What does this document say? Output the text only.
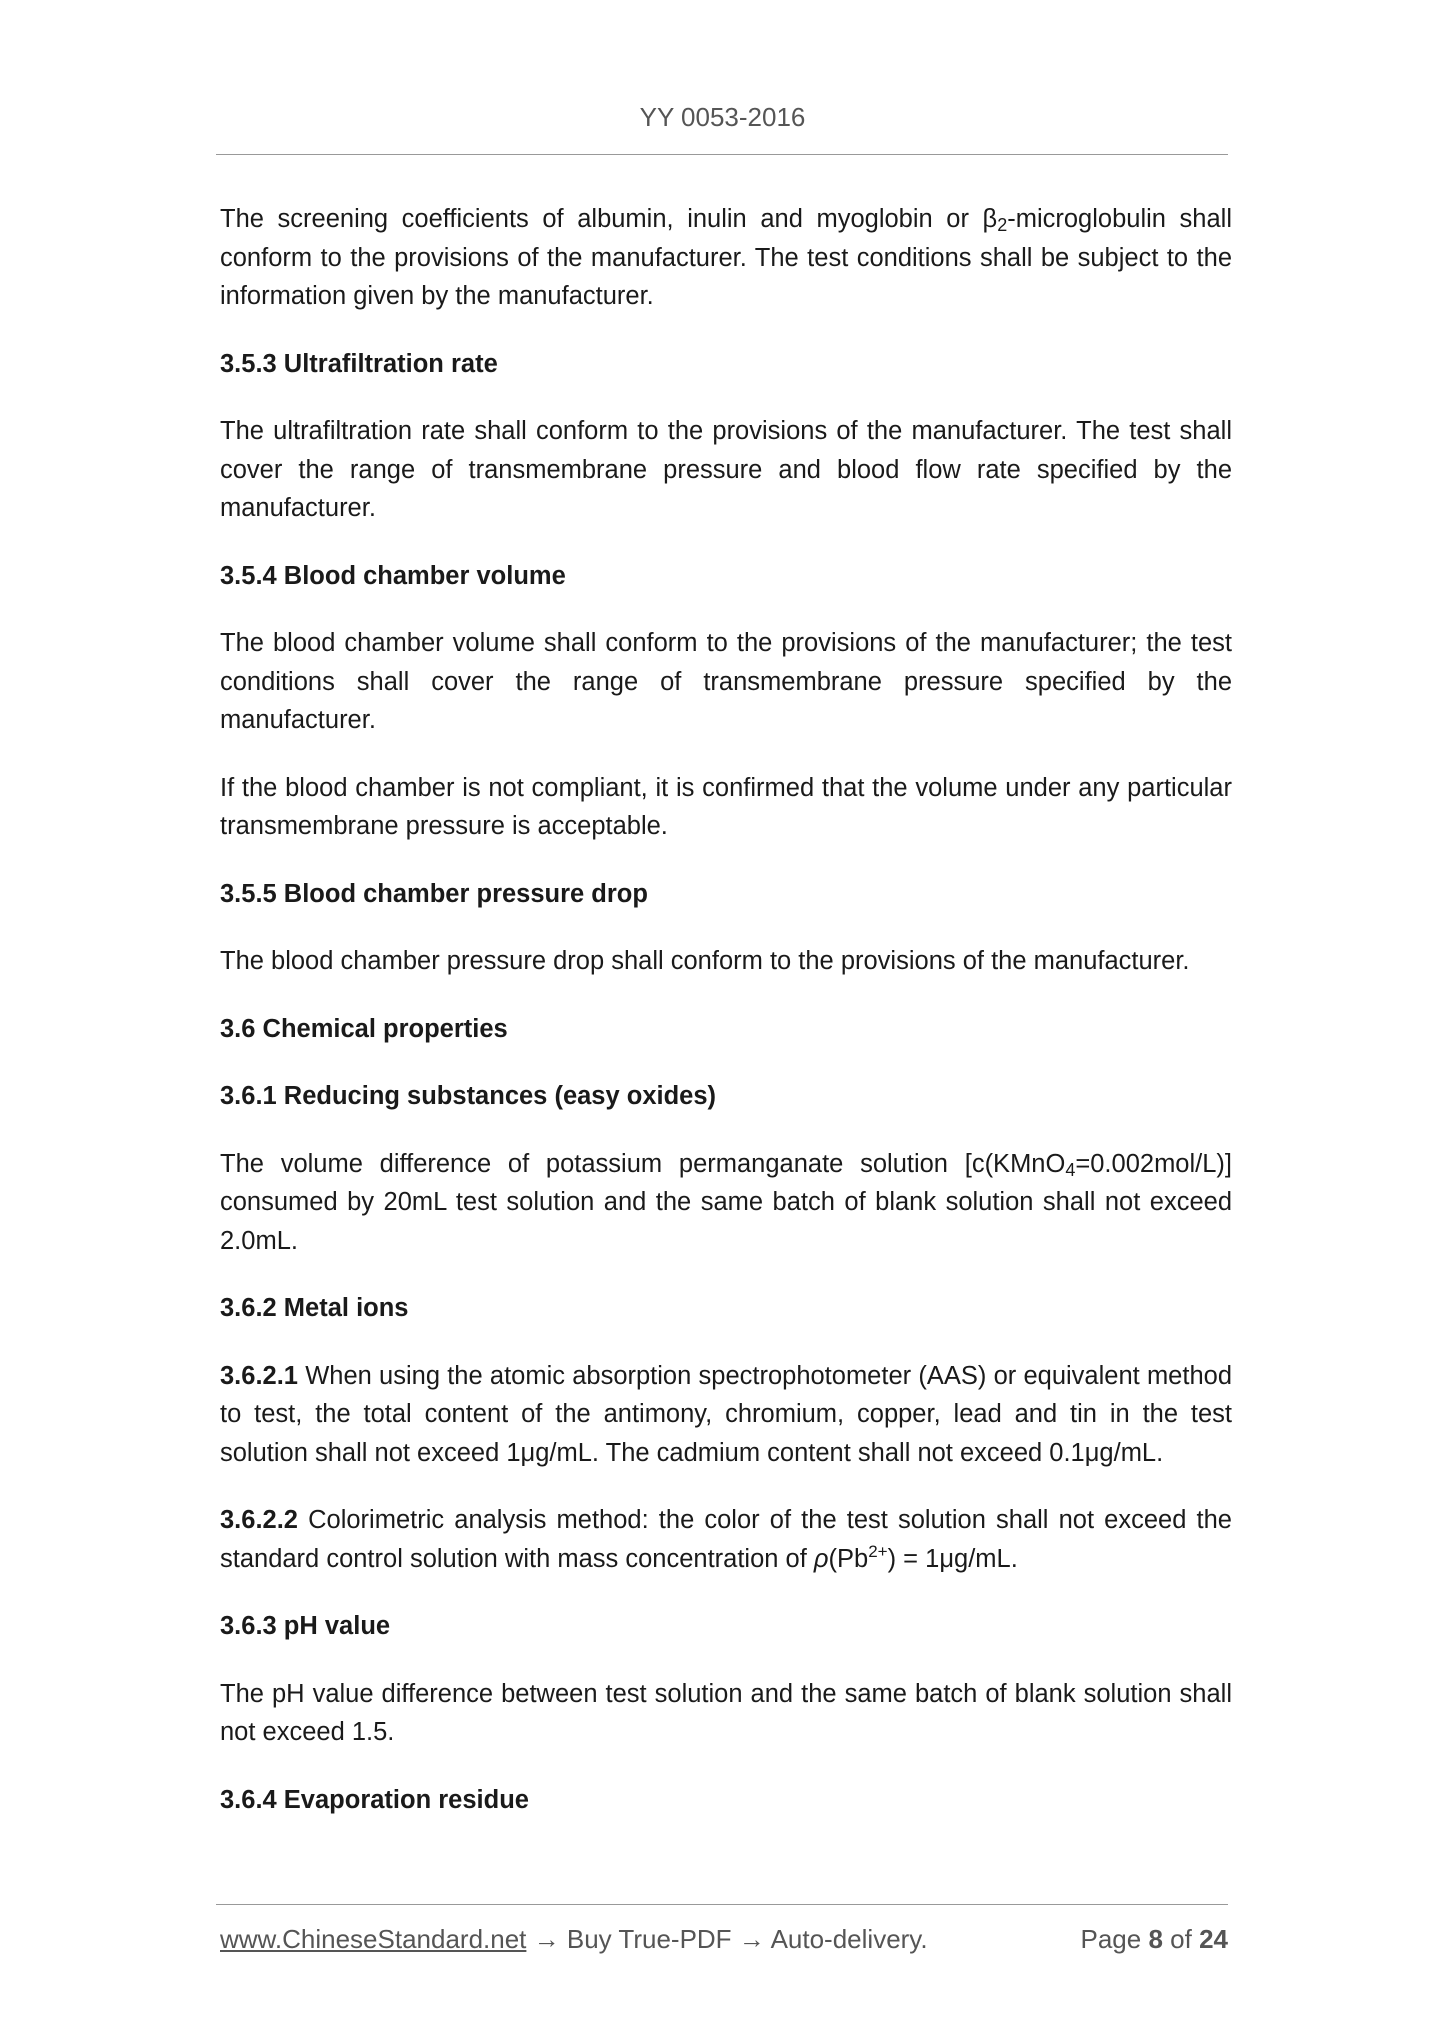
YY 0053-2016

The screening coefficients of albumin, inulin and myoglobin or $\beta_2$-microglobulin shall conform to the provisions of the manufacturer. The test conditions shall be subject to the information given by the manufacturer.

3.5.3 Ultrafiltration rate

The ultrafiltration rate shall conform to the provisions of the manufacturer. The test shall cover the range of transmembrane pressure and blood flow rate specified by the manufacturer.

3.5.4 Blood chamber volume

The blood chamber volume shall conform to the provisions of the manufacturer; the test conditions shall cover the range of transmembrane pressure specified by the manufacturer.

If the blood chamber is not compliant, it is confirmed that the volume under any particular transmembrane pressure is acceptable.

3.5.5 Blood chamber pressure drop

The blood chamber pressure drop shall conform to the provisions of the manufacturer.

3.6 Chemical properties
3.6.1 Reducing substances (easy oxides)

The volume difference of potassium permanganate solution [c(KMnO$_4$=0.002mol/L)] consumed by 20mL test solution and the same batch of blank solution shall not exceed 2.0mL.

3.6.2 Metal ions

3.6.2.1 When using the atomic absorption spectrophotometer (AAS) or equivalent method to test, the total content of the antimony, chromium, copper, lead and tin in the test solution shall not exceed 1μg/mL. The cadmium content shall not exceed 0.1μg/mL.

3.6.2.2 Colorimetric analysis method: the color of the test solution shall not exceed the standard control solution with mass concentration of $\rho(Pb^{2+}) = 1\mu g/mL$.

3.6.3 pH value

The pH value difference between test solution and the same batch of blank solution shall not exceed 1.5.

3.6.4 Evaporation residue
www.ChineseStandard.net → Buy True-PDF → Auto-delivery.	Page 8 of 24
